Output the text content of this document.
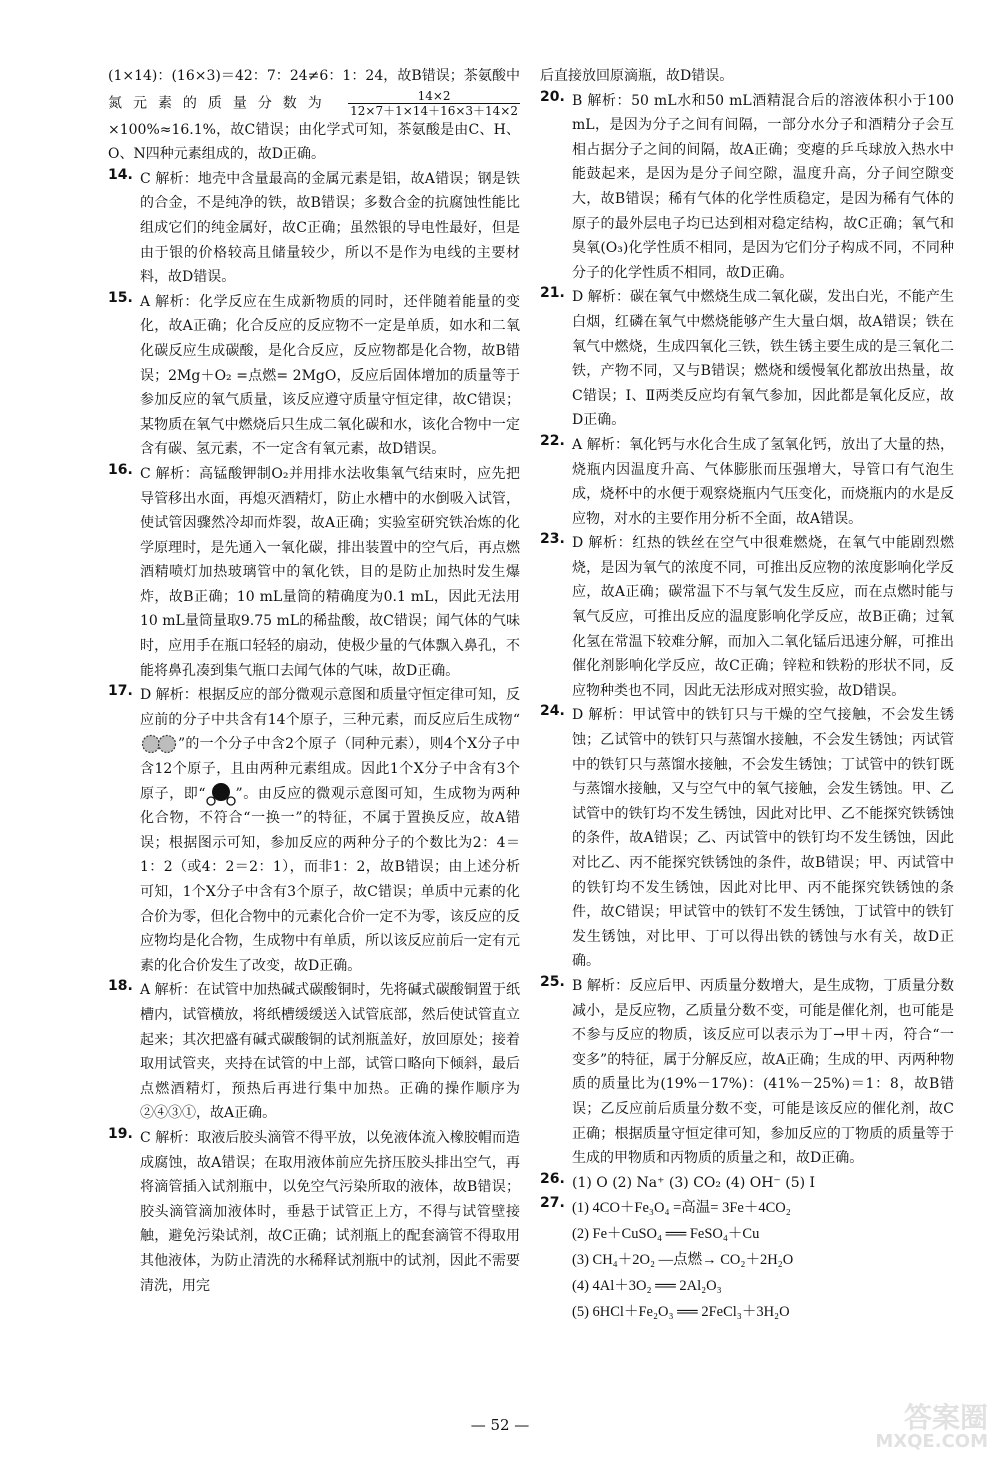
(1×14)：(16×3)＝42：7：24≠6：1：24，故B错误；茶氨酸中氮元素的质量分数为 $\frac{14\times 2}{12\times 7+1\times 14+16\times 3+14\times 2}$
×100%≈16.1%，故C错误；由化学式可知，茶氨酸是由C、H、O、N四种元素组成的，故D正确。

14. C 解析：地壳中含量最高的金属元素是铝，故A错误；钢是铁的合金，不是纯净的铁，故B错误；多数合金的抗腐蚀性能比组成它们的纯金属好，故C正确；虽然银的导电性最好，但是由于银的价格较高且储量较少，所以不是作为电线的主要材料，故D错误。

15. A 解析：化学反应在生成新物质的同时，还伴随着能量的变化，故A正确；化合反应的反应物不一定是单质，如水和二氧化碳反应生成碳酸，是化合反应，反应物都是化合物，故B错误；2Mg＋O₂ =点燃= 2MgO，反应后固体增加的质量等于参加反应的氧气质量，该反应遵守质量守恒定律，故C错误；某物质在氧气中燃烧后只生成二氧化碳和水，该化合物中一定含有碳、氢元素，不一定含有氧元素，故D错误。

16. C 解析：高锰酸钾制O₂并用排水法收集氧气结束时，应先把导管移出水面，再熄灭酒精灯，防止水槽中的水倒吸入试管，使试管因骤然冷却而炸裂，故A正确；实验室研究铁冶炼的化学原理时，是先通入一氧化碳，排出装置中的空气后，再点燃酒精喷灯加热玻璃管中的氧化铁，目的是防止加热时发生爆炸，故B正确；10 mL量筒的精确度为0.1 mL，因此无法用10 mL量筒量取9.75 mL的稀盐酸，故C错误；闻气体的气味时，应用手在瓶口轻轻的扇动，使极少量的气体飘入鼻孔，不能将鼻孔凑到集气瓶口去闻气体的气味，故D正确。

17. D 解析：根据反应的部分微观示意图和质量守恒定律可知，反应前的分子中共含有14个原子，三种元素，而反应后生成物“”的一个分子中含2个原子（同种元素），则4个X分子中含12个原子，且由两种元素组成。因此1个X分子中含有3个原子，即“ ”。由反应的微观示意图可知，生成物为两种化合物，不符合“一换一”的特征，不属于置换反应，故A错误；根据图示可知，参加反应的两种分子的个数比为2：4＝1：2（或4：2＝2：1），而非1：2，故B错误；由上述分析可知，1个X分子中含有3个原子，故C错误；单质中元素的化合价为零，但化合物中的元素化合价一定不为零，该反应的反应物均是化合物，生成物中有单质，所以该反应前后一定有元素的化合价发生了改变，故D正确。

18. A 解析：在试管中加热碱式碳酸铜时，先将碱式碳酸铜置于纸槽内，试管横放，将纸槽缓缓送入试管底部，然后使试管直立起来；其次把盛有碱式碳酸铜的试剂瓶盖好，放回原处；接着取用试管夹，夹持在试管的中上部，试管口略向下倾斜，最后点燃酒精灯，预热后再进行集中加热。正确的操作顺序为②④③①，故A正确。

19. C 解析：取液后胶头滴管不得平放，以免液体流入橡胶帽而造成腐蚀，故A错误；在取用液体前应先挤压胶头排出空气，再将滴管插入试剂瓶中，以免空气污染所取的液体，故B错误；胶头滴管滴加液体时，垂悬于试管正上方，不得与试管壁接触，避免污染试剂，故C正确；试剂瓶上的配套滴管不得取用其他液体，为防止清洗的水稀释试剂瓶中的试剂，因此不需要清洗，用完

后直接放回原滴瓶，故D错误。

20. B 解析：50 mL水和50 mL酒精混合后的溶液体积小于100 mL，是因为分子之间有间隔，一部分水分子和酒精分子会互相占据分子之间的间隔，故A正确；变瘪的乒乓球放入热水中能鼓起来，是因为是分子间空隙，温度升高，分子间空隙变大，故B错误；稀有气体的化学性质稳定，是因为稀有气体的原子的最外层电子均已达到相对稳定结构，故C正确；氧气和臭氧(O₃)化学性质不相同，是因为它们分子构成不同，不同种分子的化学性质不相同，故D正确。

21. D 解析：碳在氧气中燃烧生成二氧化碳，发出白光，不能产生白烟，红磷在氧气中燃烧能够产生大量白烟，故A错误；铁在氧气中燃烧，生成四氧化三铁，铁生锈主要生成的是三氧化二铁，产物不同，又与B错误；燃烧和缓慢氧化都放出热量，故C错误；Ⅰ、Ⅱ两类反应均有氧气参加，因此都是氧化反应，故D正确。

22. A 解析：氧化钙与水化合生成了氢氧化钙，放出了大量的热，烧瓶内因温度升高、气体膨胀而压强增大，导管口有气泡生成，烧杯中的水便于观察烧瓶内气压变化，而烧瓶内的水是反应物，对水的主要作用分析不全面，故A错误。

23. D 解析：红热的铁丝在空气中很难燃烧，在氧气中能剧烈燃烧，是因为氧气的浓度不同，可推出反应物的浓度影响化学反应，故A正确；碳常温下不与氧气发生反应，而在点燃时能与氧气反应，可推出反应的温度影响化学反应，故B正确；过氧化氢在常温下较难分解，而加入二氧化锰后迅速分解，可推出催化剂影响化学反应，故C正确；锌粒和铁粉的形状不同，反应物种类也不同，因此无法形成对照实验，故D错误。

24. D 解析：甲试管中的铁钉只与干燥的空气接触，不会发生锈蚀；乙试管中的铁钉只与蒸馏水接触，不会发生锈蚀；丙试管中的铁钉只与蒸馏水接触，不会发生锈蚀；丁试管中的铁钉既与蒸馏水接触，又与空气中的氧气接触，会发生锈蚀。甲、乙试管中的铁钉均不发生锈蚀，因此对比甲、乙不能探究铁锈蚀的条件，故A错误；乙、丙试管中的铁钉均不发生锈蚀，因此对比乙、丙不能探究铁锈蚀的条件，故B错误；甲、丙试管中的铁钉均不发生锈蚀，因此对比甲、丙不能探究铁锈蚀的条件，故C错误；甲试管中的铁钉不发生锈蚀，丁试管中的铁钉发生锈蚀，对比甲、丁可以得出铁的锈蚀与水有关，故D正确。

25. B 解析：反应后甲、丙质量分数增大，是生成物，丁质量分数减小，是反应物，乙质量分数不变，可能是催化剂，也可能是不参与反应的物质，该反应可以表示为丁→甲＋丙，符合“一变多”的特征，属于分解反应，故A正确；生成的甲、丙两种物质的质量比为(19%－17%)：(41%－25%)＝1：8，故B错误；乙反应前后质量分数不变，可能是该反应的催化剂，故C正确；根据质量守恒定律可知，参加反应的丁物质的质量等于生成的甲物质和丙物质的质量之和，故D正确。

26. (1) O (2) Na⁺ (3) CO₂ (4) OH⁻ (5) I

27. (1) 4CO＋Fe₃O₄ =高温= 3Fe＋4CO₂

(2) Fe＋CuSO₄ ══ FeSO₄＋Cu

(3) CH₄＋2O₂ —点燃→ CO₂＋2H₂O

(4) 4Al＋3O₂ ══ 2Al₂O₃

(5) 6HCl＋Fe₂O₃ ══ 2FeCl₃＋3H₂O

— 52 —	答案圈
MXQE.COM
